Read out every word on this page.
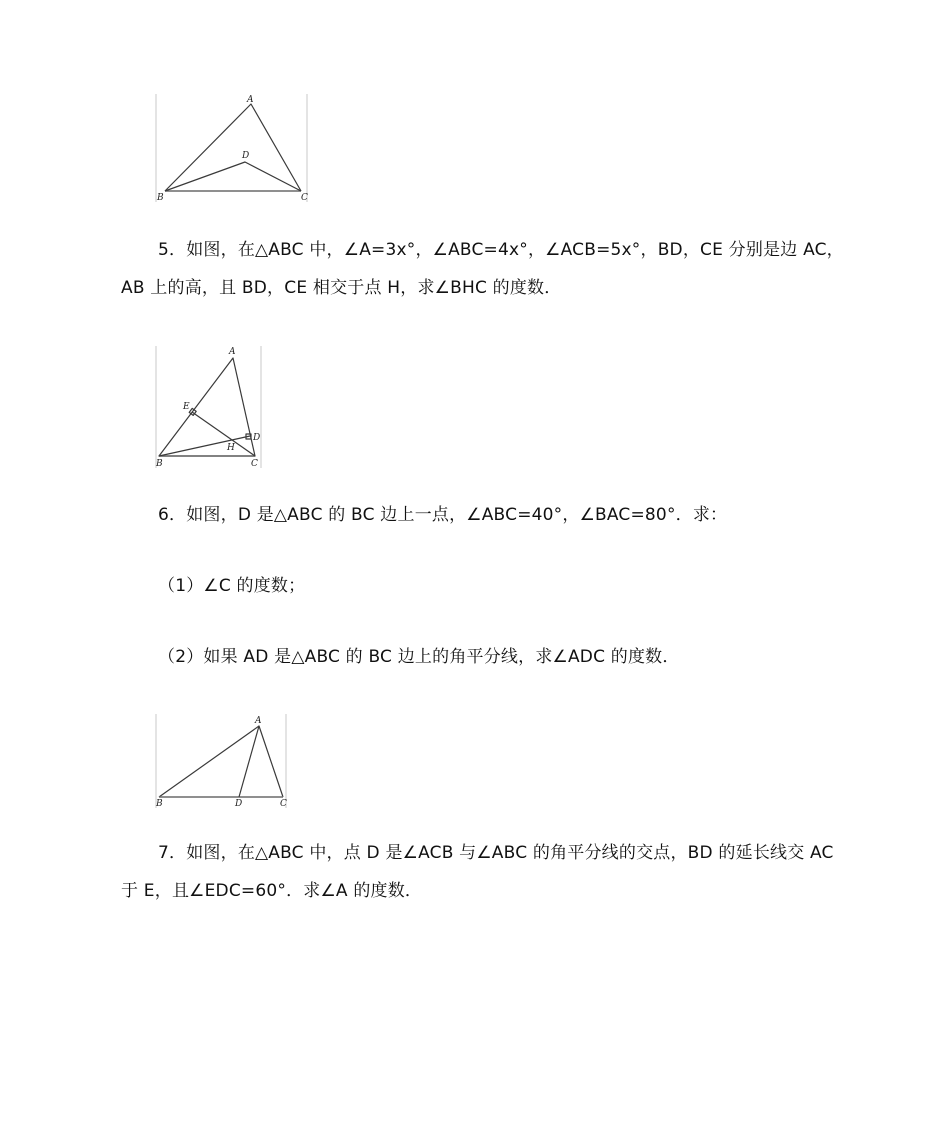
A
D
B	C

5．如图，在△ABC 中，∠A=3x°，∠ABC=4x°，∠ACB=5x°，BD，CE 分别是边 AC，

AB 上的高，且 BD，CE 相交于点 H，求∠BHC 的度数．

A
E
D
H
B	C

6．如图，D 是△ABC 的 BC 边上一点，∠ABC=40°，∠BAC=80°．求：

（1）∠C 的度数；

（2）如果 AD 是△ABC 的 BC 边上的角平分线，求∠ADC 的度数．

A
B	D	C

7．如图，在△ABC 中，点 D 是∠ACB 与∠ABC 的角平分线的交点，BD 的延长线交 AC

于 E，且∠EDC=60°．求∠A 的度数．
